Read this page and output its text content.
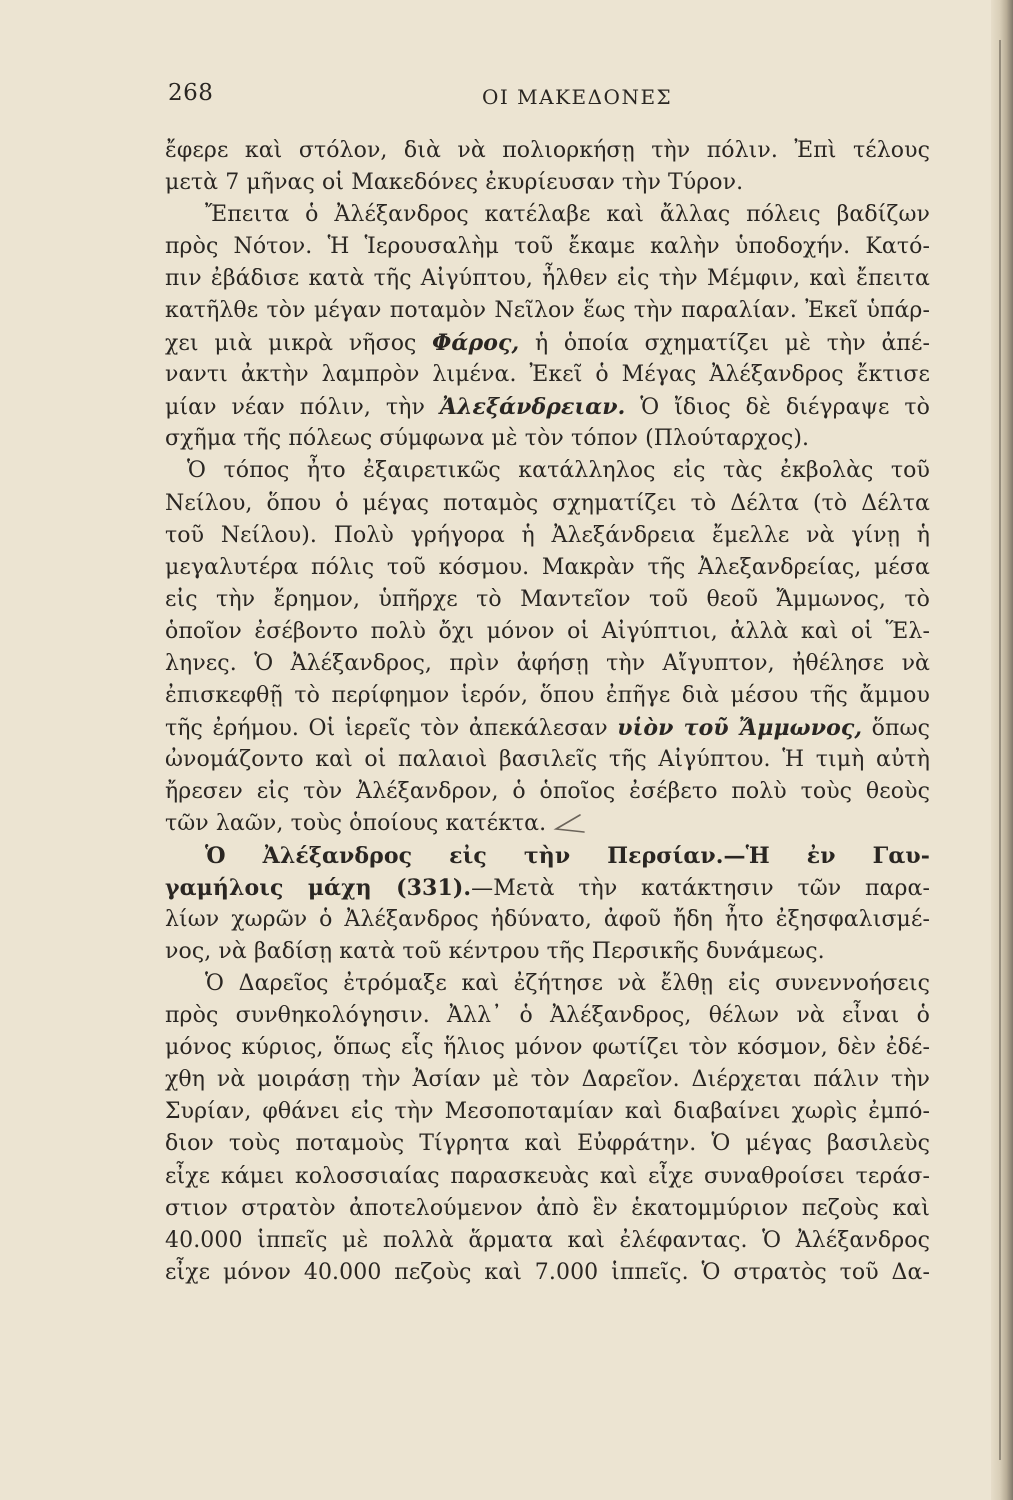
268	ΟΙ ΜΑΚΕΔΟΝΕΣ
ἔφερε καὶ στόλον, διὰ νὰ πολιορκήσῃ τὴν πόλιν. Ἐπὶ τέλους
μετὰ 7 μῆνας οἱ Μακεδόνες ἐκυρίευσαν τὴν Τύρον.
Ἔπειτα ὁ Ἀλέξανδρος κατέλαβε καὶ ἄλλας πόλεις βαδίζων
πρὸς Νότον. Ἡ Ἱερουσαλὴμ τοῦ ἔκαμε καλὴν ὑποδοχήν. Κατό-
πιν ἐβάδισε κατὰ τῆς Αἰγύπτου, ἦλθεν εἰς τὴν Μέμφιν, καὶ ἔπειτα
κατῆλθε τὸν μέγαν ποταμὸν Νεῖλον ἕως τὴν παραλίαν. Ἐκεῖ ὑπάρ-
χει μιὰ μικρὰ νῆσος Φάρος, ἡ ὁποία σχηματίζει μὲ τὴν ἀπέ-
ναντι ἀκτὴν λαμπρὸν λιμένα. Ἐκεῖ ὁ Μέγας Ἀλέξανδρος ἔκτισε
μίαν νέαν πόλιν, τὴν Ἀλεξάνδρειαν. Ὁ ἴδιος δὲ διέγραψε τὸ
σχῆμα τῆς πόλεως σύμφωνα μὲ τὸν τόπον (Πλούταρχος).
Ὁ τόπος ἦτο ἐξαιρετικῶς κατάλληλος εἰς τὰς ἐκβολὰς τοῦ
Νείλου, ὅπου ὁ μέγας ποταμὸς σχηματίζει τὸ Δέλτα (τὸ Δέλτα
τοῦ Νείλου). Πολὺ γρήγορα ἡ Ἀλεξάνδρεια ἔμελλε νὰ γίνῃ ἡ
μεγαλυτέρα πόλις τοῦ κόσμου. Μακρὰν τῆς Ἀλεξανδρείας, μέσα
εἰς τὴν ἔρημον, ὑπῆρχε τὸ Μαντεῖον τοῦ θεοῦ Ἄμμωνος, τὸ
ὁποῖον ἐσέβοντο πολὺ ὄχι μόνον οἱ Αἰγύπτιοι, ἀλλὰ καὶ οἱ Ἕλ-
ληνες. Ὁ Ἀλέξανδρος, πρὶν ἀφήσῃ τὴν Αἴγυπτον, ἠθέλησε νὰ
ἐπισκεφθῇ τὸ περίφημον ἱερόν, ὅπου ἐπῆγε διὰ μέσου τῆς ἄμμου
τῆς ἐρήμου. Οἱ ἱερεῖς τὸν ἀπεκάλεσαν υἱὸν τοῦ Ἄμμωνος, ὅπως
ὠνομάζοντο καὶ οἱ παλαιοὶ βασιλεῖς τῆς Αἰγύπτου. Ἡ τιμὴ αὐτὴ
ἤρεσεν εἰς τὸν Ἀλέξανδρον, ὁ ὁποῖος ἐσέβετο πολὺ τοὺς θεοὺς
τῶν λαῶν, τοὺς ὁποίους κατέκτα.
Ὁ Ἀλέξανδρος εἰς τὴν Περσίαν.—Ἡ ἐν Γαυ-
γαμήλοις μάχη (331).—Μετὰ τὴν κατάκτησιν τῶν παρα-
λίων χωρῶν ὁ Ἀλέξανδρος ἠδύνατο, ἀφοῦ ἤδη ἦτο ἐξησφαλισμέ-
νος, νὰ βαδίσῃ κατὰ τοῦ κέντρου τῆς Περσικῆς δυνάμεως.
Ὁ Δαρεῖος ἐτρόμαξε καὶ ἐζήτησε νὰ ἔλθῃ εἰς συνεννοήσεις
πρὸς συνθηκολόγησιν. Ἀλλ᾽ ὁ Ἀλέξανδρος, θέλων νὰ εἶναι ὁ
μόνος κύριος, ὅπως εἷς ἥλιος μόνον φωτίζει τὸν κόσμον, δὲν ἐδέ-
χθη νὰ μοιράσῃ τὴν Ἀσίαν μὲ τὸν Δαρεῖον. Διέρχεται πάλιν τὴν
Συρίαν, φθάνει εἰς τὴν Μεσοποταμίαν καὶ διαβαίνει χωρὶς ἐμπό-
διον τοὺς ποταμοὺς Τίγρητα καὶ Εὐφράτην. Ὁ μέγας βασιλεὺς
εἶχε κάμει κολοσσιαίας παρασκευὰς καὶ εἶχε συναθροίσει τεράσ-
στιον στρατὸν ἀποτελούμενον ἀπὸ ἓν ἑκατομμύριον πεζοὺς καὶ
40.000 ἱππεῖς μὲ πολλὰ ἅρματα καὶ ἐλέφαντας. Ὁ Ἀλέξανδρος
εἶχε μόνον 40.000 πεζοὺς καὶ 7.000 ἱππεῖς. Ὁ στρατὸς τοῦ Δα-
